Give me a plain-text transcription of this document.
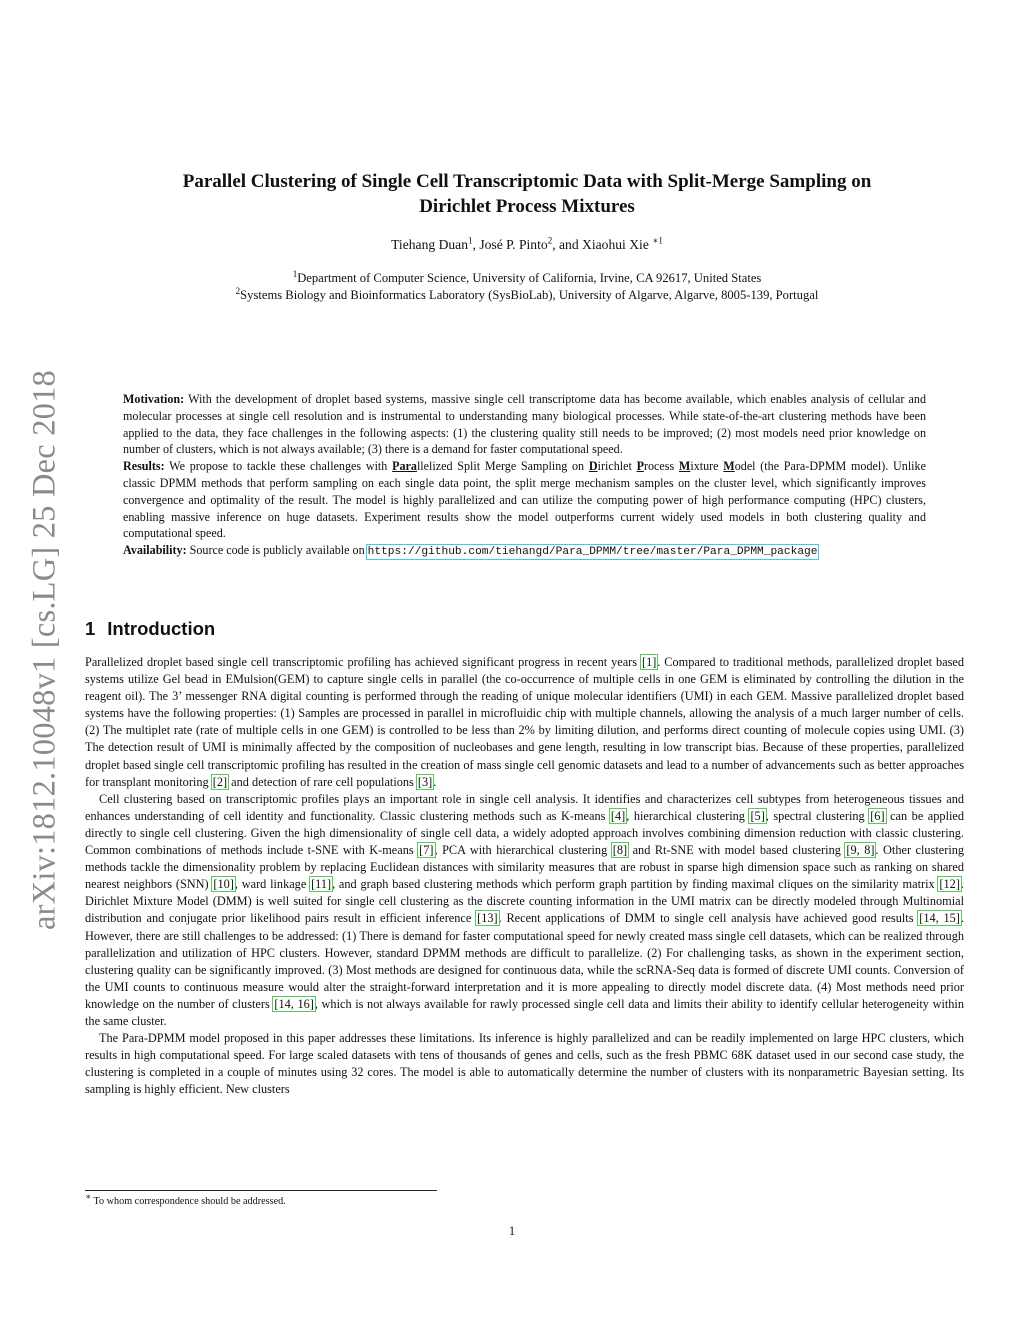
arXiv:1812.10048v1 [cs.LG] 25 Dec 2018
Parallel Clustering of Single Cell Transcriptomic Data with Split-Merge Sampling on
Dirichlet Process Mixtures
Tiehang Duan$^1$, José P. Pinto$^2$, and Xiaohui Xie $^{∗1}$
$^1$Department of Computer Science, University of California, Irvine, CA 92617, United States
$^2$Systems Biology and Bioinformatics Laboratory (SysBioLab), University of Algarve, Algarve, 8005-139, Portugal

Motivation: With the development of droplet based systems, massive single cell transcriptome data has become available, which enables analysis of cellular and molecular processes at single cell resolution and is instrumental to understanding many biological processes. While state-of-the-art clustering methods have been applied to the data, they face challenges in the following aspects: (1) the clustering quality still needs to be improved; (2) most models need prior knowledge on number of clusters, which is not always available; (3) there is a demand for faster computational speed.

Results: We propose to tackle these challenges with Parallelized Split Merge Sampling on Dirichlet Process Mixture Model (the Para-DPMM model). Unlike classic DPMM methods that perform sampling on each single data point, the split merge mechanism samples on the cluster level, which significantly improves convergence and optimality of the result. The model is highly parallelized and can utilize the computing power of high performance computing (HPC) clusters, enabling massive inference on huge datasets. Experiment results show the model outperforms current widely used models in both clustering quality and computational speed.

Availability: Source code is publicly available on https://github.com/tiehangd/Para_DPMM/tree/master/Para_DPMM_package

1 Introduction

Parallelized droplet based single cell transcriptomic profiling has achieved significant progress in recent years [1]. Compared to traditional methods, parallelized droplet based systems utilize Gel bead in EMulsion(GEM) to capture single cells in parallel (the co-occurrence of multiple cells in one GEM is eliminated by controlling the dilution in the reagent oil). The 3’ messenger RNA digital counting is performed through the reading of unique molecular identifiers (UMI) in each GEM. Massive parallelized droplet based systems have the following properties: (1) Samples are processed in parallel in microfluidic chip with multiple channels, allowing the analysis of a much larger number of cells. (2) The multiplet rate (rate of multiple cells in one GEM) is controlled to be less than 2% by limiting dilution, and performs direct counting of molecule copies using UMI. (3) The detection result of UMI is minimally affected by the composition of nucleobases and gene length, resulting in low transcript bias. Because of these properties, parallelized droplet based single cell transcriptomic profiling has resulted in the creation of mass single cell genomic datasets and lead to a number of advancements such as better approaches for transplant monitoring [2] and detection of rare cell populations [3].

Cell clustering based on transcriptomic profiles plays an important role in single cell analysis. It identifies and characterizes cell subtypes from heterogeneous tissues and enhances understanding of cell identity and functionality. Classic clustering methods such as K-means [4], hierarchical clustering [5], spectral clustering [6] can be applied directly to single cell clustering. Given the high dimensionality of single cell data, a widely adopted approach involves combining dimension reduction with classic clustering. Common combinations of methods include t-SNE with K-means [7], PCA with hierarchical clustering [8] and Rt-SNE with model based clustering [9, 8]. Other clustering methods tackle the dimensionality problem by replacing Euclidean distances with similarity measures that are robust in sparse high dimension space such as ranking on shared nearest neighbors (SNN) [10], ward linkage [11], and graph based clustering methods which perform graph partition by finding maximal cliques on the similarity matrix [12]. Dirichlet Mixture Model (DMM) is well suited for single cell clustering as the discrete counting information in the UMI matrix can be directly modeled through Multinomial distribution and conjugate prior likelihood pairs result in efficient inference [13]. Recent applications of DMM to single cell analysis have achieved good results [14, 15]. However, there are still challenges to be addressed: (1) There is demand for faster computational speed for newly created mass single cell datasets, which can be realized through parallelization and utilization of HPC clusters. However, standard DPMM methods are difficult to parallelize. (2) For challenging tasks, as shown in the experiment section, clustering quality can be significantly improved. (3) Most methods are designed for continuous data, while the scRNA-Seq data is formed of discrete UMI counts. Conversion of the UMI counts to continuous measure would alter the straight-forward interpretation and it is more appealing to directly model discrete data. (4) Most methods need prior knowledge on the number of clusters [14, 16], which is not always available for rawly processed single cell data and limits their ability to identify cellular heterogeneity within the same cluster.

The Para-DPMM model proposed in this paper addresses these limitations. Its inference is highly parallelized and can be readily implemented on large HPC clusters, which results in high computational speed. For large scaled datasets with tens of thousands of genes and cells, such as the fresh PBMC 68K dataset used in our second case study, the clustering is completed in a couple of minutes using 32 cores. The model is able to automatically determine the number of clusters with its nonparametric Bayesian setting. Its sampling is highly efficient. New clusters

∗ To whom correspondence should be addressed.
1
